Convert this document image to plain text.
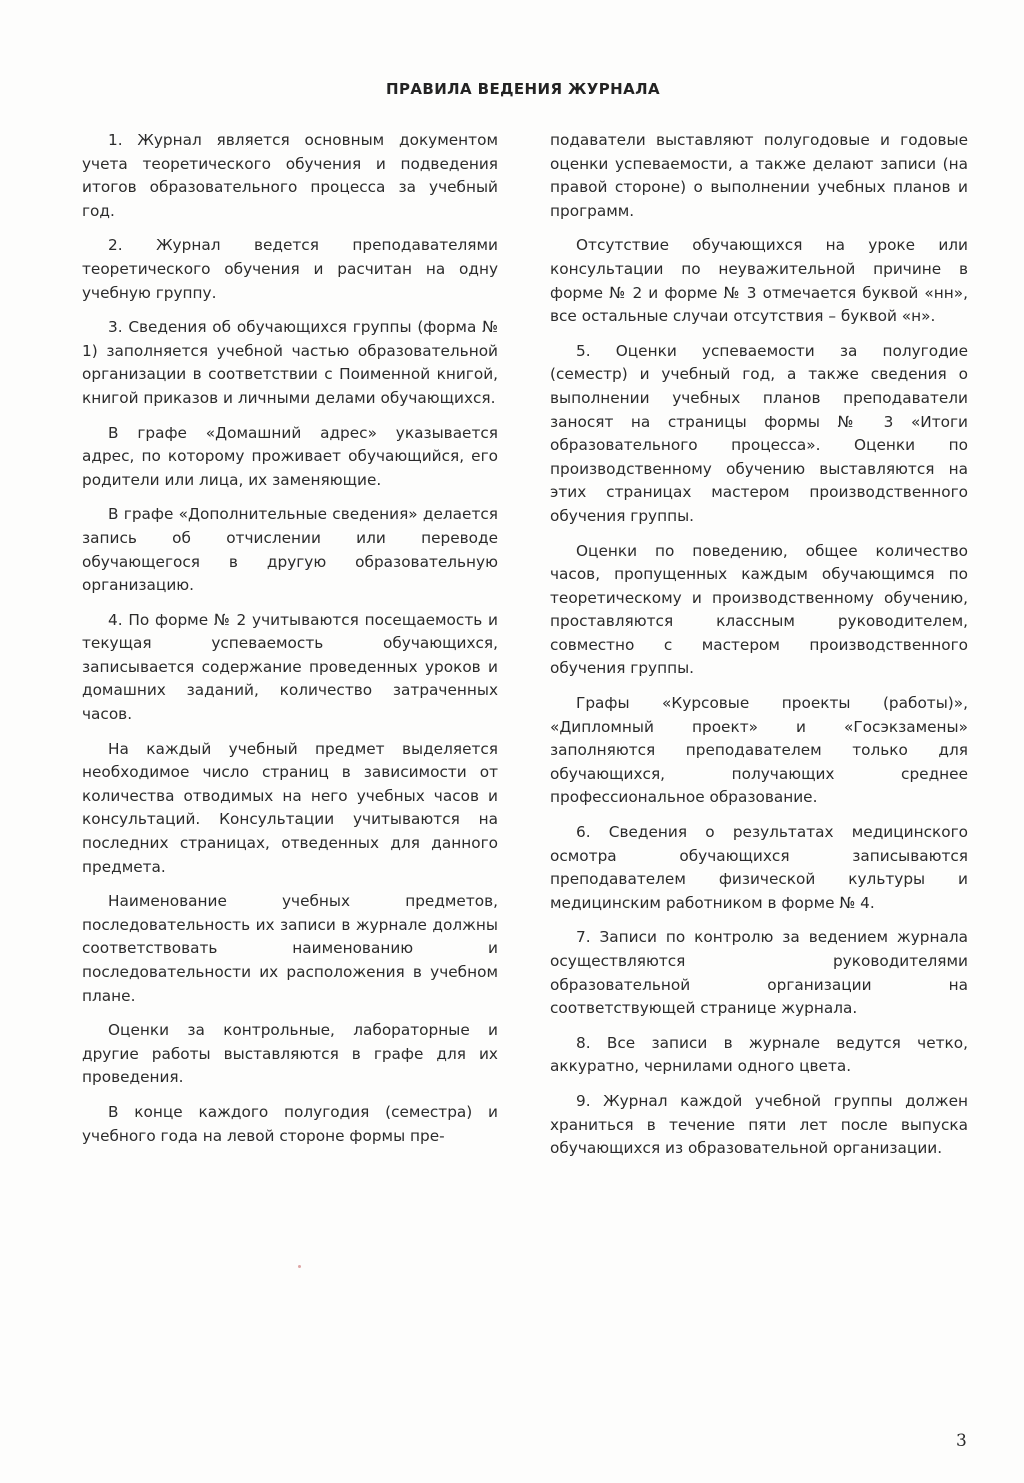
ПРАВИЛА ВЕДЕНИЯ ЖУРНАЛА

1. Журнал является основным документом учета теоретического обучения и подведения итогов образовательного процесса за учебный год.

2. Журнал ведется преподавателями теоретического обучения и расчитан на одну учебную группу.

3. Сведения об обучающихся группы (форма № 1) заполняется учебной частью образовательной организации в соответствии с Поименной книгой, книгой приказов и личными делами обучающихся.

В графе «Домашний адрес» указывается адрес, по которому проживает обучающийся, его родители или лица, их заменяющие.

В графе «Дополнительные сведения» делается запись об отчислении или переводе обучающегося в другую образовательную организацию.

4. По форме № 2 учитываются посещаемость и текущая успеваемость обучающихся, записывается содержание проведенных уроков и домашних заданий, количество затраченных часов.

На каждый учебный предмет выделяется необходимое число страниц в зависимости от количества отводимых на него учебных часов и консультаций. Консультации учитываются на последних страницах, отведенных для данного предмета.

Наименование учебных предметов, последовательность их записи в журнале должны соответствовать наименованию и последовательности их расположения в учебном плане.

Оценки за контрольные, лабораторные и другие работы выставляются в графе для их проведения.

В конце каждого полугодия (семестра) и учебного года на левой стороне формы пре-

подаватели выставляют полугодовые и годовые оценки успеваемости, а также делают записи (на правой стороне) о выполнении учебных планов и программ.

Отсутствие обучающихся на уроке или консультации по неуважительной причине в форме № 2 и форме № 3 отмечается буквой «нн», все остальные случаи отсутствия – буквой «н».

5. Оценки успеваемости за полугодие (семестр) и учебный год, а также сведения о выполнении учебных планов преподаватели заносят на страницы формы № 3 «Итоги образовательного процесса». Оценки по производственному обучению выставляются на этих страницах мастером производственного обучения группы.

Оценки по поведению, общее количество часов, пропущенных каждым обучающимся по теоретическому и производственному обучению, проставляются классным руководителем, совместно с мастером производственного обучения группы.

Графы «Курсовые проекты (работы)», «Дипломный проект» и «Госэкзамены» заполняются преподавателем только для обучающихся, получающих среднее профессиональное образование.

6. Сведения о результатах медицинского осмотра обучающихся записываются преподавателем физической культуры и медицинским работником в форме № 4.

7. Записи по контролю за ведением журнала осуществляются руководителями образовательной организации на соответствующей странице журнала.

8. Все записи в журнале ведутся четко, аккуратно, чернилами одного цвета.

9. Журнал каждой учебной группы должен храниться в течение пяти лет после выпуска обучающихся из образовательной организации.

3
